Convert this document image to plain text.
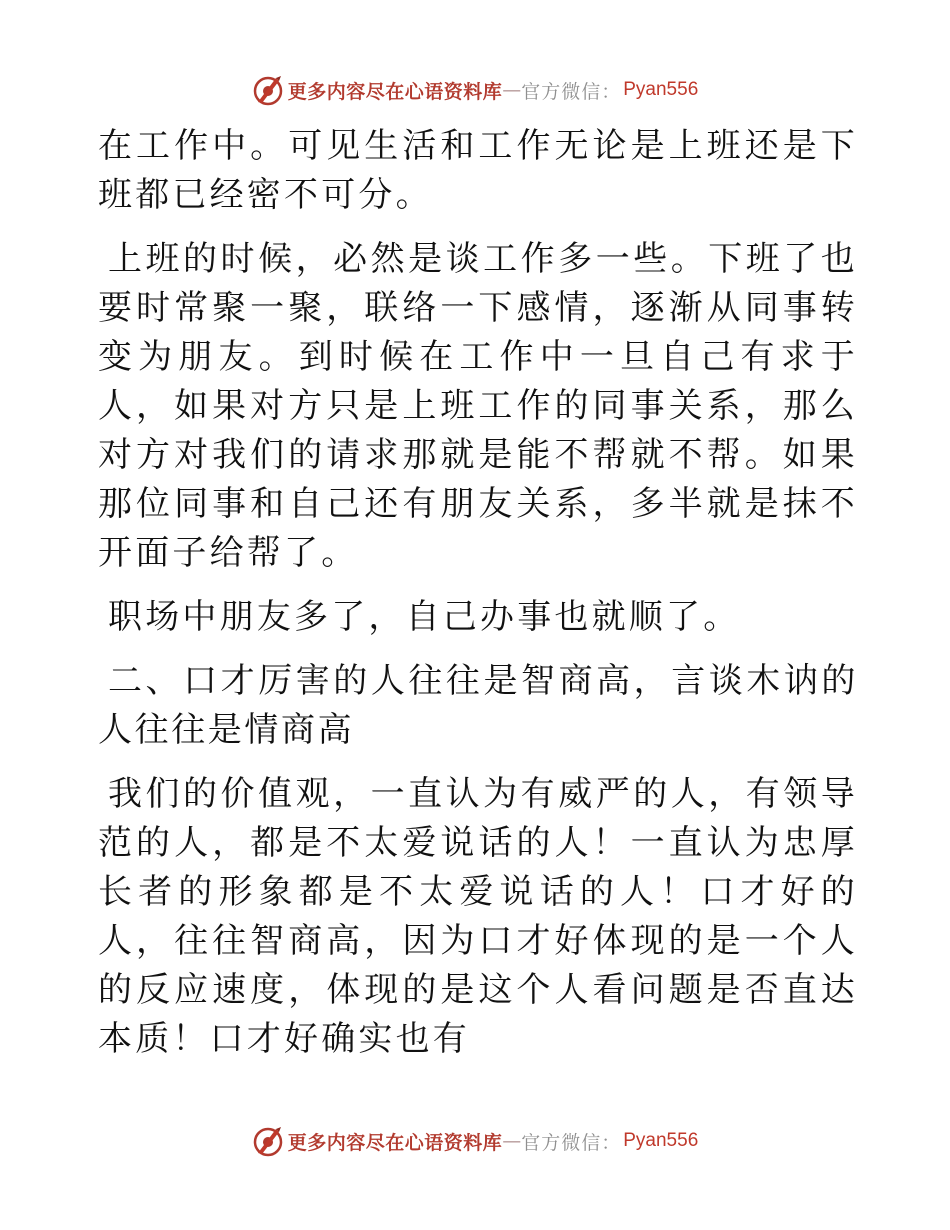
更多内容尽在心语资料库 — 官方微信： Pyan556

在工作中。可见生活和工作无论是上班还是下班都已经密不可分。

上班的时候，必然是谈工作多一些。下班了也要时常聚一聚，联络一下感情，逐渐从同事转变为朋友。到时候在工作中一旦自己有求于人，如果对方只是上班工作的同事关系，那么对方对我们的请求那就是能不帮就不帮。如果那位同事和自己还有朋友关系，多半就是抹不开面子给帮了。

职场中朋友多了，自己办事也就顺了。

二、口才厉害的人往往是智商高，言谈木讷的人往往是情商高

我们的价值观，一直认为有威严的人，有领导范的人，都是不太爱说话的人！一直认为忠厚长者的形象都是不太爱说话的人！口才好的人，往往智商高，因为口才好体现的是一个人的反应速度，体现的是这个人看问题是否直达本质！口才好确实也有

更多内容尽在心语资料库 — 官方微信： Pyan556
